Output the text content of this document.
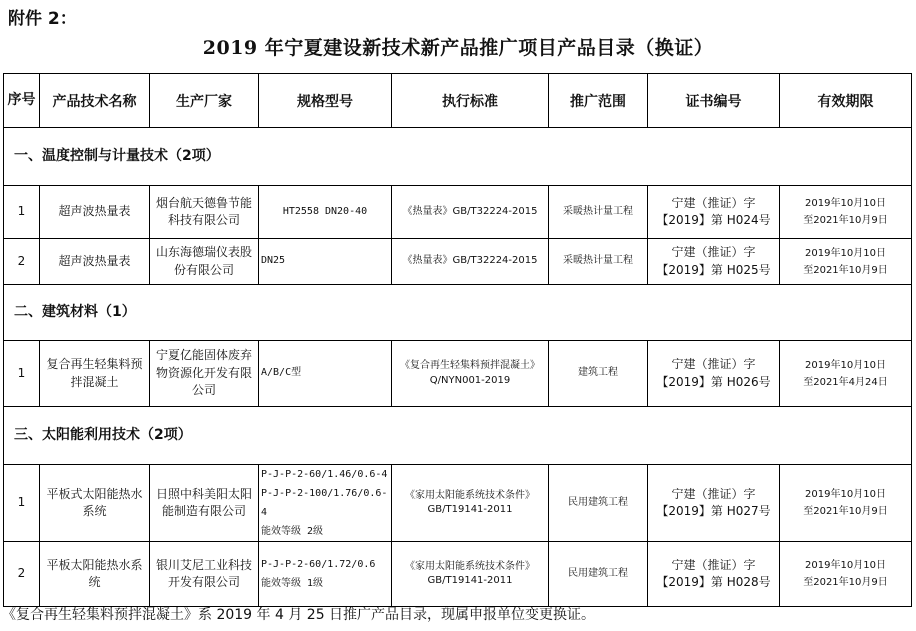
附件 2：
2019 年宁夏建设新技术新产品推广项目产品目录（换证）
序号	产品技术名称	生产厂家	规格型号	执行标准	推广范围	证书编号	有效期限
一、温度控制与计量技术（2项）							
1	超声波热量表	烟台航天德鲁节能科技有限公司	HT2558 DN20-40	《热量表》GB/T32224-2015	采暖热计量工程	宁建（推证）字
【2019】第 H024号	2019年10月10日
至2021年10月9日

2	超声波热量表	山东海德瑞仪表股份有限公司	DN25	《热量表》GB/T32224-2015	采暖热计量工程	宁建（推证）字
【2019】第 H025号	2019年10月10日
至2021年10月9日

二、建筑材料（1）							
1	复合再生轻集料预拌混凝土	宁夏亿能固体废弃物资源化开发有限公司	A/B/C型	《复合再生轻集料预拌混凝土》
Q/NYN001-2019	建筑工程	宁建（推证）字
【2019】第 H026号	2019年10月10日
至2021年4月24日

三、太阳能利用技术（2项）							
1	平板式太阳能热水系统	日照中科美阳太阳能制造有限公司	P-J-P-2-60/1.46/0.6-4
P-J-P-2-100/1.76/0.6-4
能效等级 2级	《家用太阳能系统技术条件》
GB/T19141-2011	民用建筑工程	宁建（推证）字
【2019】第 H027号	2019年10月10日
至2021年10月9日

2	平板太阳能热水系统	银川艾尼工业科技开发有限公司	P-J-P-2-60/1.72/0.6
能效等级 1级	《家用太阳能系统技术条件》
GB/T19141-2011	民用建筑工程	宁建（推证）字
【2019】第 H028号	2019年10月10日
至2021年10月9日
《复合再生轻集料预拌混凝土》系 2019 年 4 月 25 日推广产品目录，现属申报单位变更换证。
